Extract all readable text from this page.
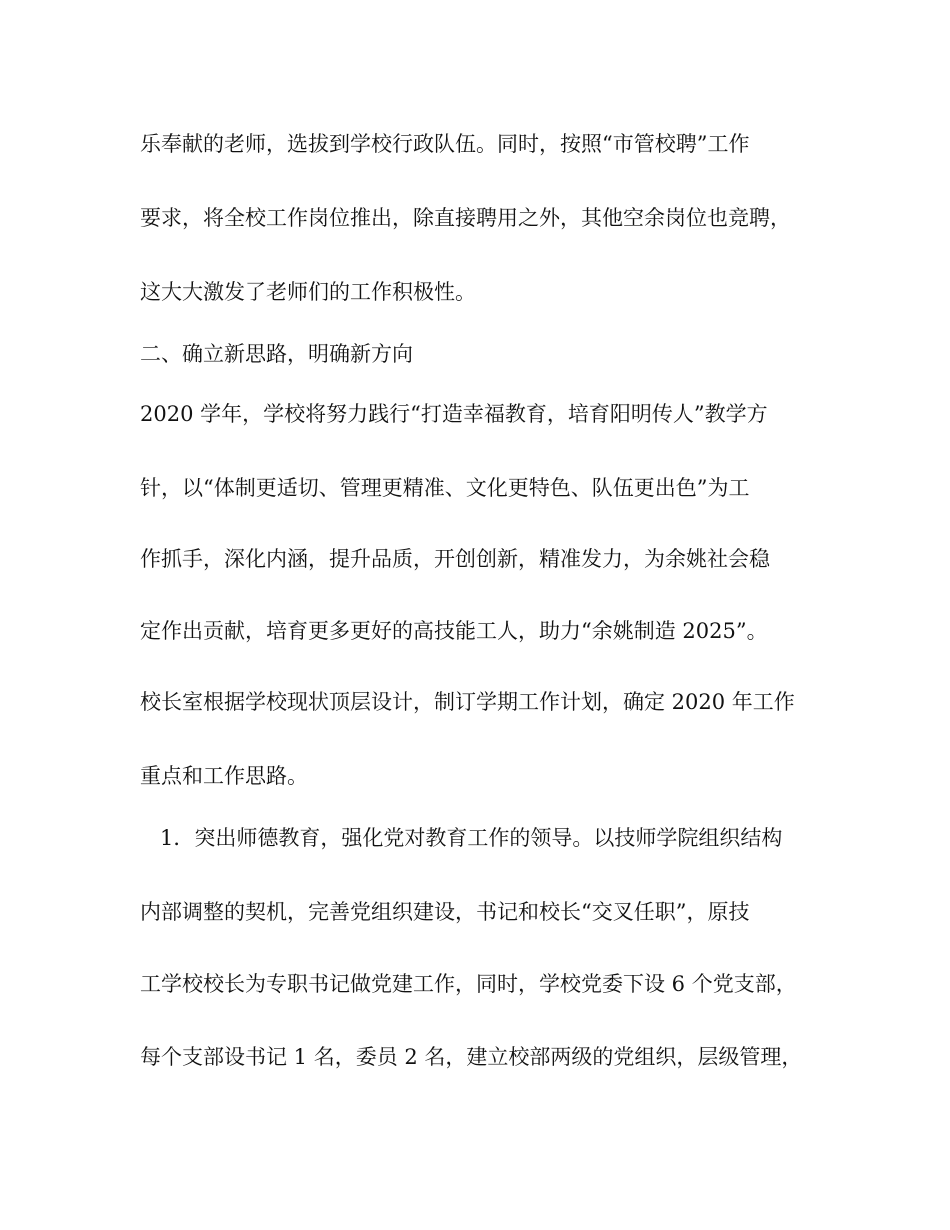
乐奉献的老师，选拔到学校行政队伍。同时，按照“市管校聘”工作
要求，将全校工作岗位推出，除直接聘用之外，其他空余岗位也竞聘，
这大大激发了老师们的工作积极性。
二、确立新思路，明确新方向
2020 学年，学校将努力践行“打造幸福教育，培育阳明传人”教学方
针，以“体制更适切、管理更精准、文化更特色、队伍更出色”为工
作抓手，深化内涵，提升品质，开创创新，精准发力，为余姚社会稳
定作出贡献，培育更多更好的高技能工人，助力“余姚制造 2025”。
校长室根据学校现状顶层设计，制订学期工作计划，确定 2020 年工作
重点和工作思路。
1．突出师德教育，强化党对教育工作的领导。以技师学院组织结构
内部调整的契机，完善党组织建设，书记和校长“交叉任职”，原技
工学校校长为专职书记做党建工作，同时，学校党委下设 6 个党支部，
每个支部设书记 1 名，委员 2 名，建立校部两级的党组织，层级管理，
